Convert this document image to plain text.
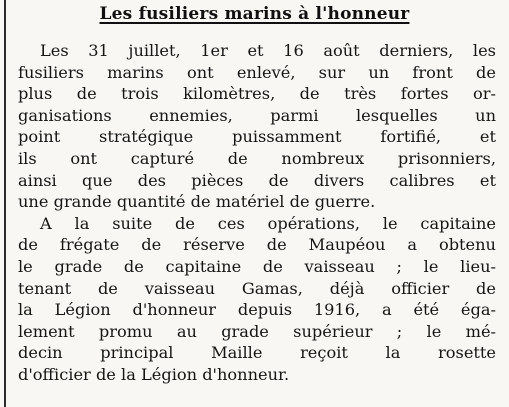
Les fusiliers marins à l'honneur

Les 31 juillet, 1er et 16 août derniers, les
fusiliers marins ont enlevé, sur un front de
plus de trois kilomètres, de très fortes or-
ganisations ennemies, parmi lesquelles un
point stratégique puissamment fortifié, et
ils ont capturé de nombreux prisonniers,
ainsi que des pièces de divers calibres et
une grande quantité de matériel de guerre.

A la suite de ces opérations, le capitaine
de frégate de réserve de Maupéou a obtenu
le grade de capitaine de vaisseau ; le lieu-
tenant de vaisseau Gamas, déjà officier de
la Légion d'honneur depuis 1916, a été éga-
lement promu au grade supérieur ; le mé-
decin principal Maille reçoit la rosette
d'officier de la Légion d'honneur.
